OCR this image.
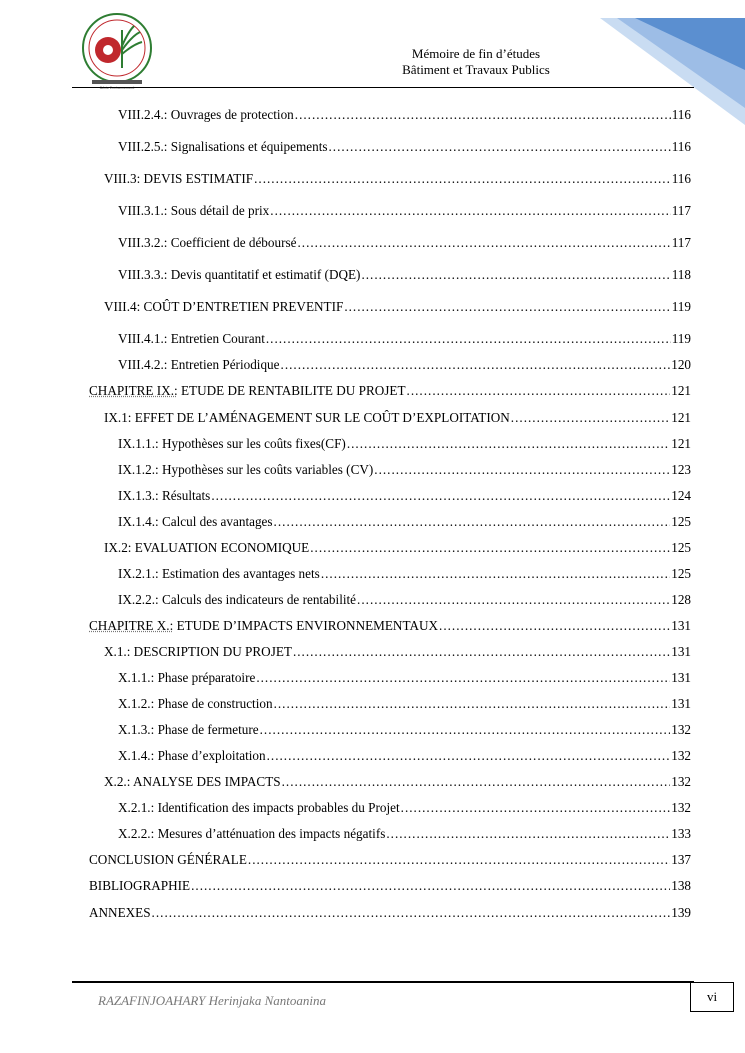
Génie Environnement
Mémoire de fin d’études
Bâtiment et Travaux Publics
VIII.2.4.: Ouvrages de protection .....	116
VIII.2.5.: Signalisations et équipements .....	116
VIII.3: DEVIS ESTIMATIF .....	116
VIII.3.1.: Sous détail de prix .....	117
VIII.3.2.: Coefficient de déboursé .....	117
VIII.3.3.: Devis quantitatif et estimatif (DQE) .....	118
VIII.4: COÛT D’ENTRETIEN PREVENTIF .....	119
VIII.4.1.: Entretien Courant .....	119
VIII.4.2.: Entretien Périodique .....	120
CHAPITRE IX.: ETUDE DE RENTABILITE DU PROJET .....	121
IX.1: EFFET DE L’AMÉNAGEMENT SUR LE COÛT D’EXPLOITATION .....	121
IX.1.1.: Hypothèses sur les coûts fixes(CF) .....	121
IX.1.2.: Hypothèses sur les coûts variables (CV) .....	123
IX.1.3.: Résultats .....	124
IX.1.4.: Calcul des avantages .....	125
IX.2: EVALUATION ECONOMIQUE .....	125
IX.2.1.: Estimation des avantages nets .....	125
IX.2.2.: Calculs des indicateurs de rentabilité .....	128
CHAPITRE X.: ETUDE D’IMPACTS ENVIRONNEMENTAUX .....	131
X.1.: DESCRIPTION DU PROJET .....	131
X.1.1.: Phase préparatoire .....	131
X.1.2.: Phase de construction .....	131
X.1.3.: Phase de fermeture .....	132
X.1.4.: Phase d’exploitation .....	132
X.2.: ANALYSE DES IMPACTS .....	132
X.2.1.: Identification des impacts probables du Projet .....	132
X.2.2.: Mesures d’atténuation des impacts négatifs .....	133
CONCLUSION GÉNÉRALE .....	137
BIBLIOGRAPHIE .....	138
ANNEXES .....	139
RAZAFINJOAHARY Herinjaka Nantoanina	vi
